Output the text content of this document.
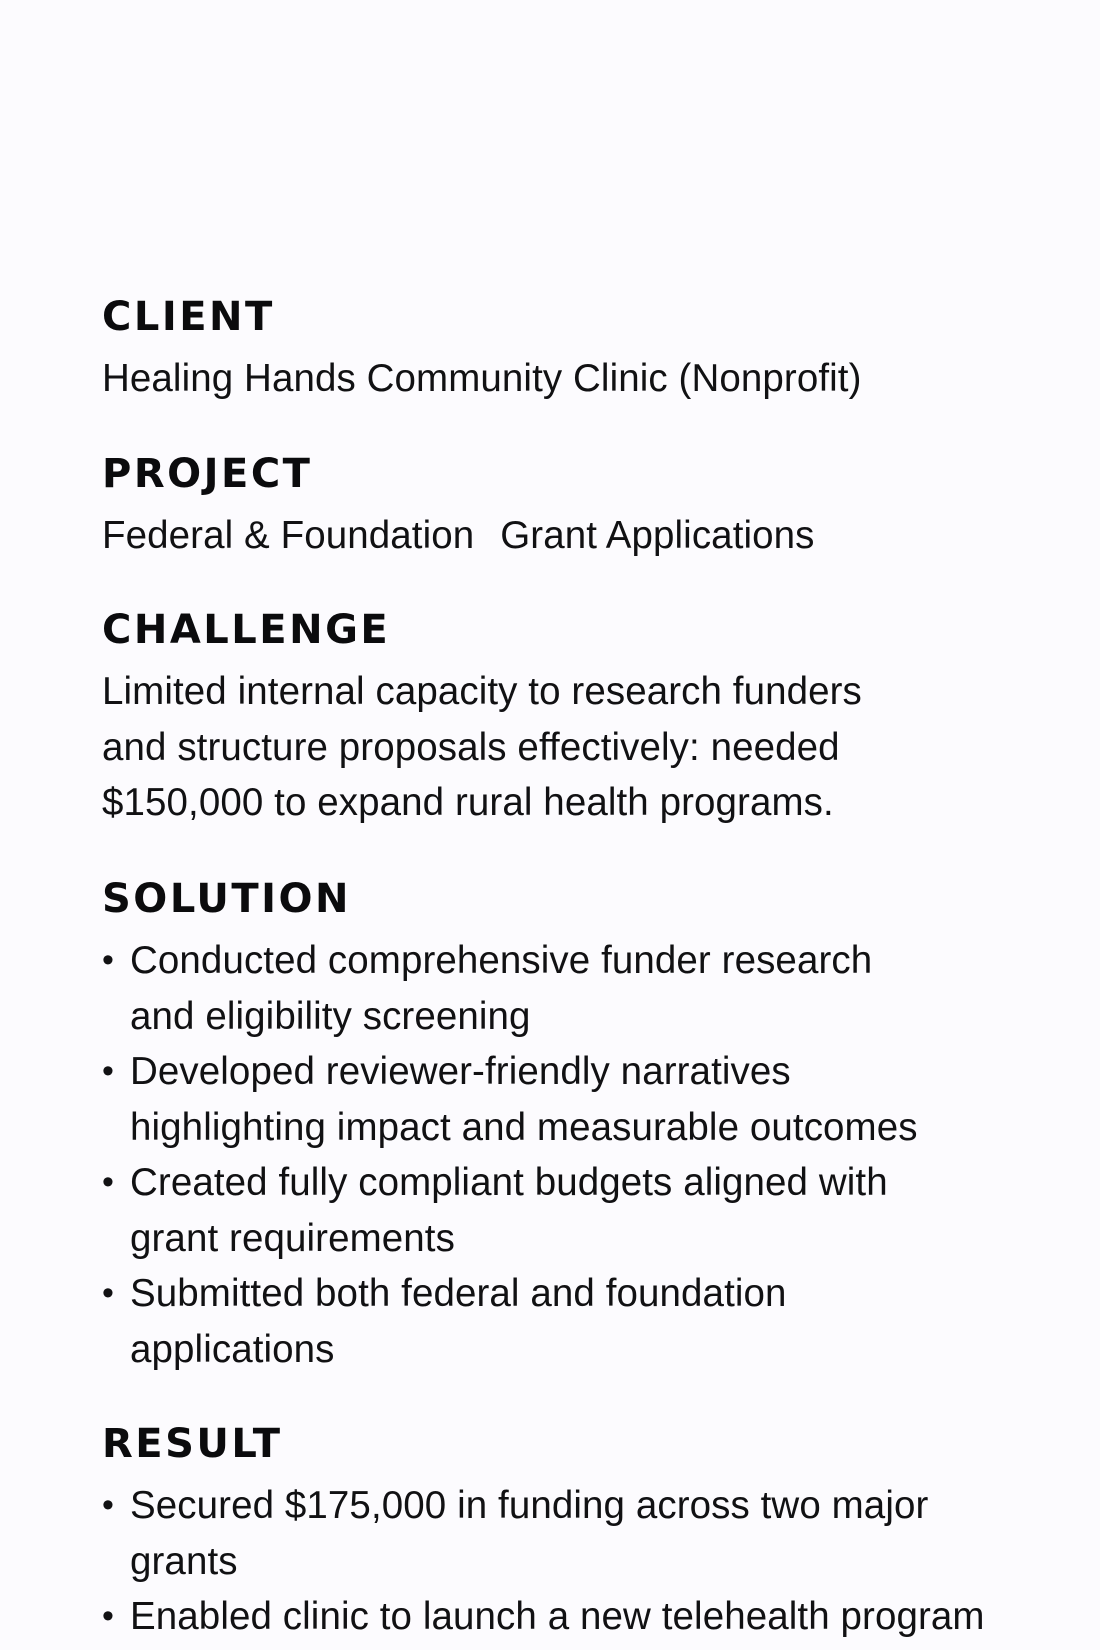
CLIENT

Healing Hands Community Clinic (Nonprofit)

PROJECT

Federal & Foundation Grant Applications

CHALLENGE

Limited internal capacity to research funders

and structure proposals effectively: needed

$150,000 to expand rural health programs.

SOLUTION
• Conducted comprehensive funder research
and eligibility screening
• Developed reviewer-friendly narratives
highlighting impact and measurable outcomes
• Created fully compliant budgets aligned with
grant requirements
• Submitted both federal and foundation
applications
RESULT
• Secured $175,000 in funding across two major
grants
• Enabled clinic to launch a new telehealth program
